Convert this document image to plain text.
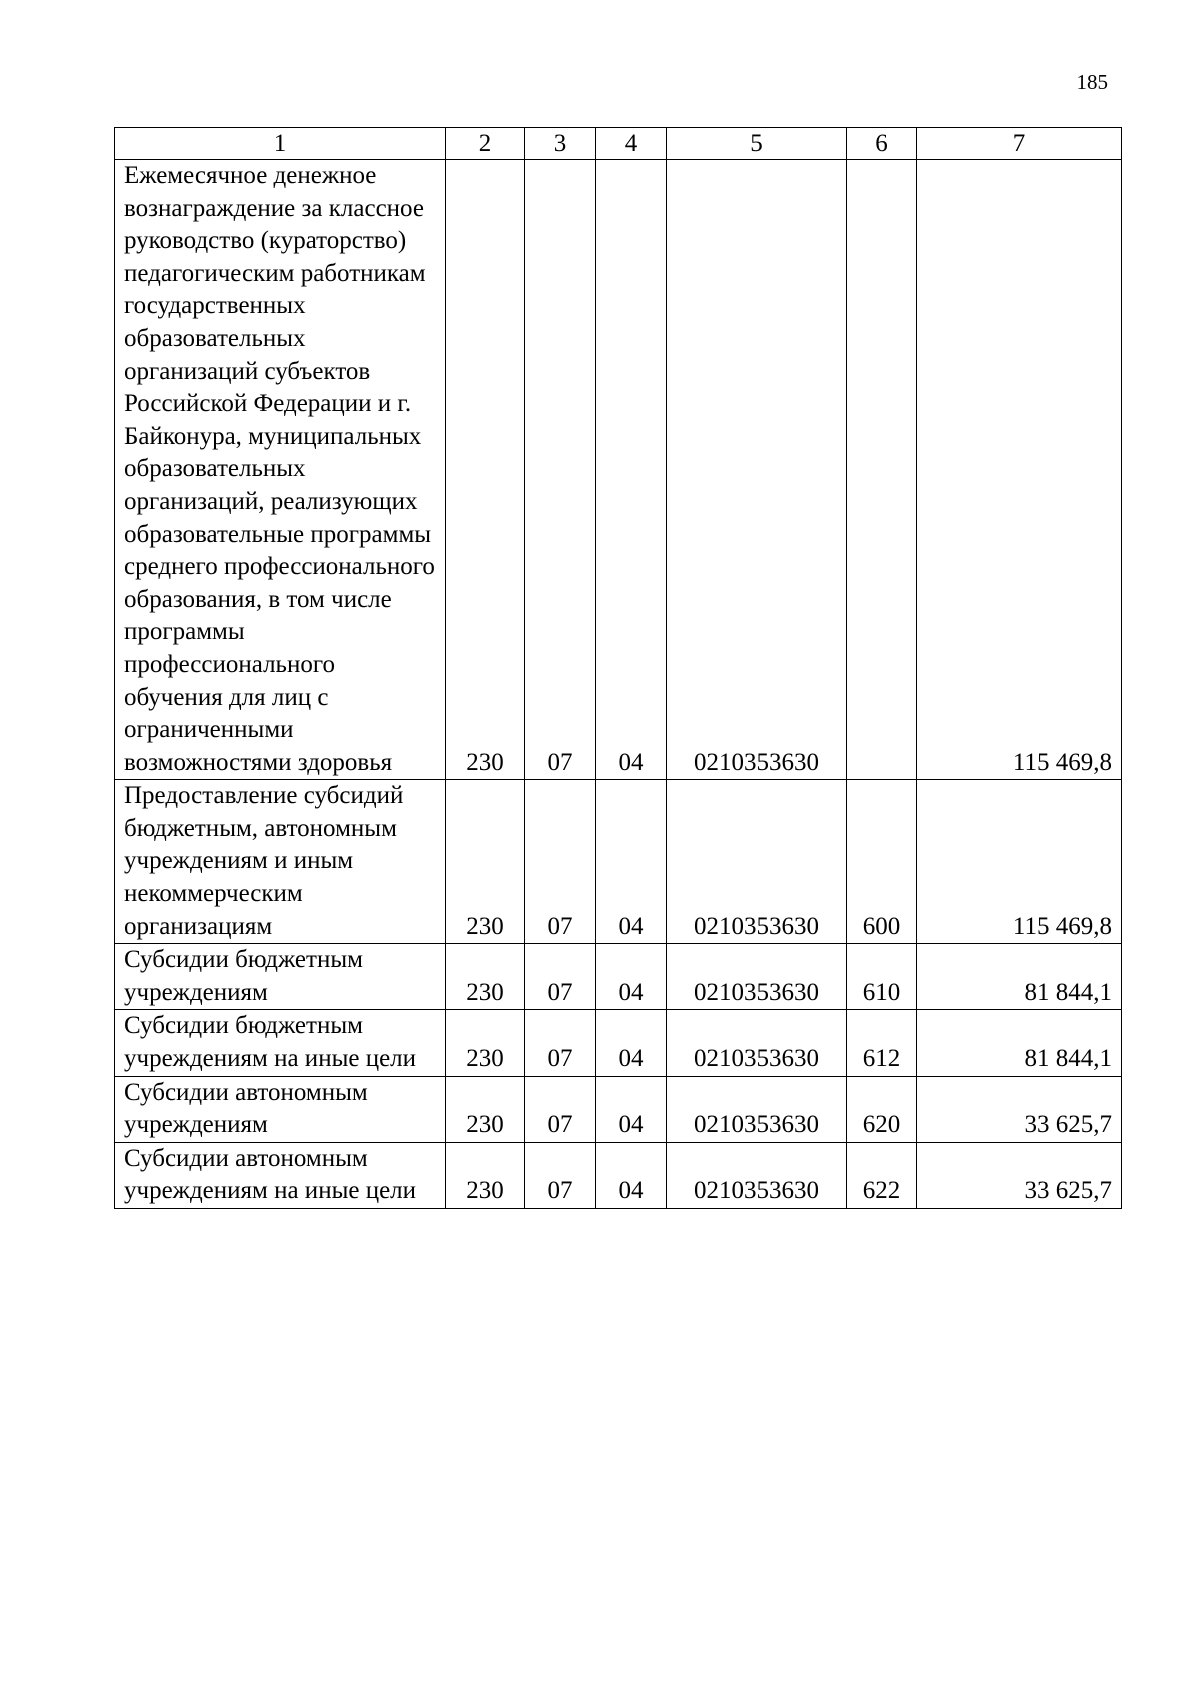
185
1	2	3	4	5	6	7
Ежемесячное денежное вознаграждение за классное руководство (кураторство) педагогическим работникам государственных образовательных организаций субъектов Российской Федерации и г. Байконура, муниципальных образовательных организаций, реализующих образовательные программы среднего профессионального образования, в том числе программы профессионального обучения для лиц с ограниченными возможностями здоровья	230	07	04	0210353630		115 469,8
Предоставление субсидий бюджетным, автономным учреждениям и иным некоммерческим организациям	230	07	04	0210353630	600	115 469,8
Субсидии бюджетным учреждениям	230	07	04	0210353630	610	81 844,1
Субсидии бюджетным учреждениям на иные цели	230	07	04	0210353630	612	81 844,1
Субсидии автономным учреждениям	230	07	04	0210353630	620	33 625,7
Субсидии автономным учреждениям на иные цели	230	07	04	0210353630	622	33 625,7
